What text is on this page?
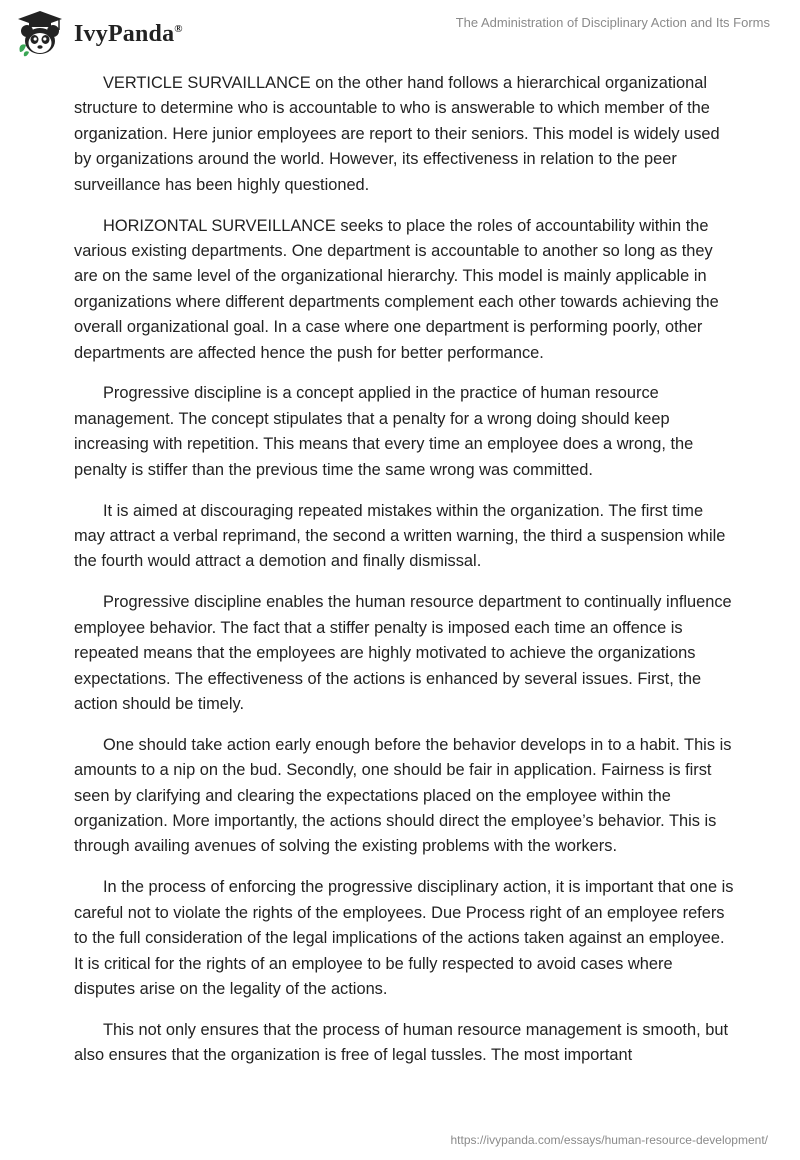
IvyPanda®	The Administration of Disciplinary Action and Its Forms

VERTICLE SURVAILLANCE on the other hand follows a hierarchical organizational structure to determine who is accountable to who is answerable to which member of the organization. Here junior employees are report to their seniors. This model is widely used by organizations around the world. However, its effectiveness in relation to the peer surveillance has been highly questioned.

HORIZONTAL SURVEILLANCE seeks to place the roles of accountability within the various existing departments. One department is accountable to another so long as they are on the same level of the organizational hierarchy. This model is mainly applicable in organizations where different departments complement each other towards achieving the overall organizational goal. In a case where one department is performing poorly, other departments are affected hence the push for better performance.

Progressive discipline is a concept applied in the practice of human resource management. The concept stipulates that a penalty for a wrong doing should keep increasing with repetition. This means that every time an employee does a wrong, the penalty is stiffer than the previous time the same wrong was committed.

It is aimed at discouraging repeated mistakes within the organization. The first time may attract a verbal reprimand, the second a written warning, the third a suspension while the fourth would attract a demotion and finally dismissal.

Progressive discipline enables the human resource department to continually influence employee behavior. The fact that a stiffer penalty is imposed each time an offence is repeated means that the employees are highly motivated to achieve the organizations expectations. The effectiveness of the actions is enhanced by several issues. First, the action should be timely.

One should take action early enough before the behavior develops in to a habit. This is amounts to a nip on the bud. Secondly, one should be fair in application. Fairness is first seen by clarifying and clearing the expectations placed on the employee within the organization. More importantly, the actions should direct the employee’s behavior. This is through availing avenues of solving the existing problems with the workers.

In the process of enforcing the progressive disciplinary action, it is important that one is careful not to violate the rights of the employees. Due Process right of an employee refers to the full consideration of the legal implications of the actions taken against an employee. It is critical for the rights of an employee to be fully respected to avoid cases where disputes arise on the legality of the actions.

This not only ensures that the process of human resource management is smooth, but also ensures that the organization is free of legal tussles. The most important

https://ivypanda.com/essays/human-resource-development/
